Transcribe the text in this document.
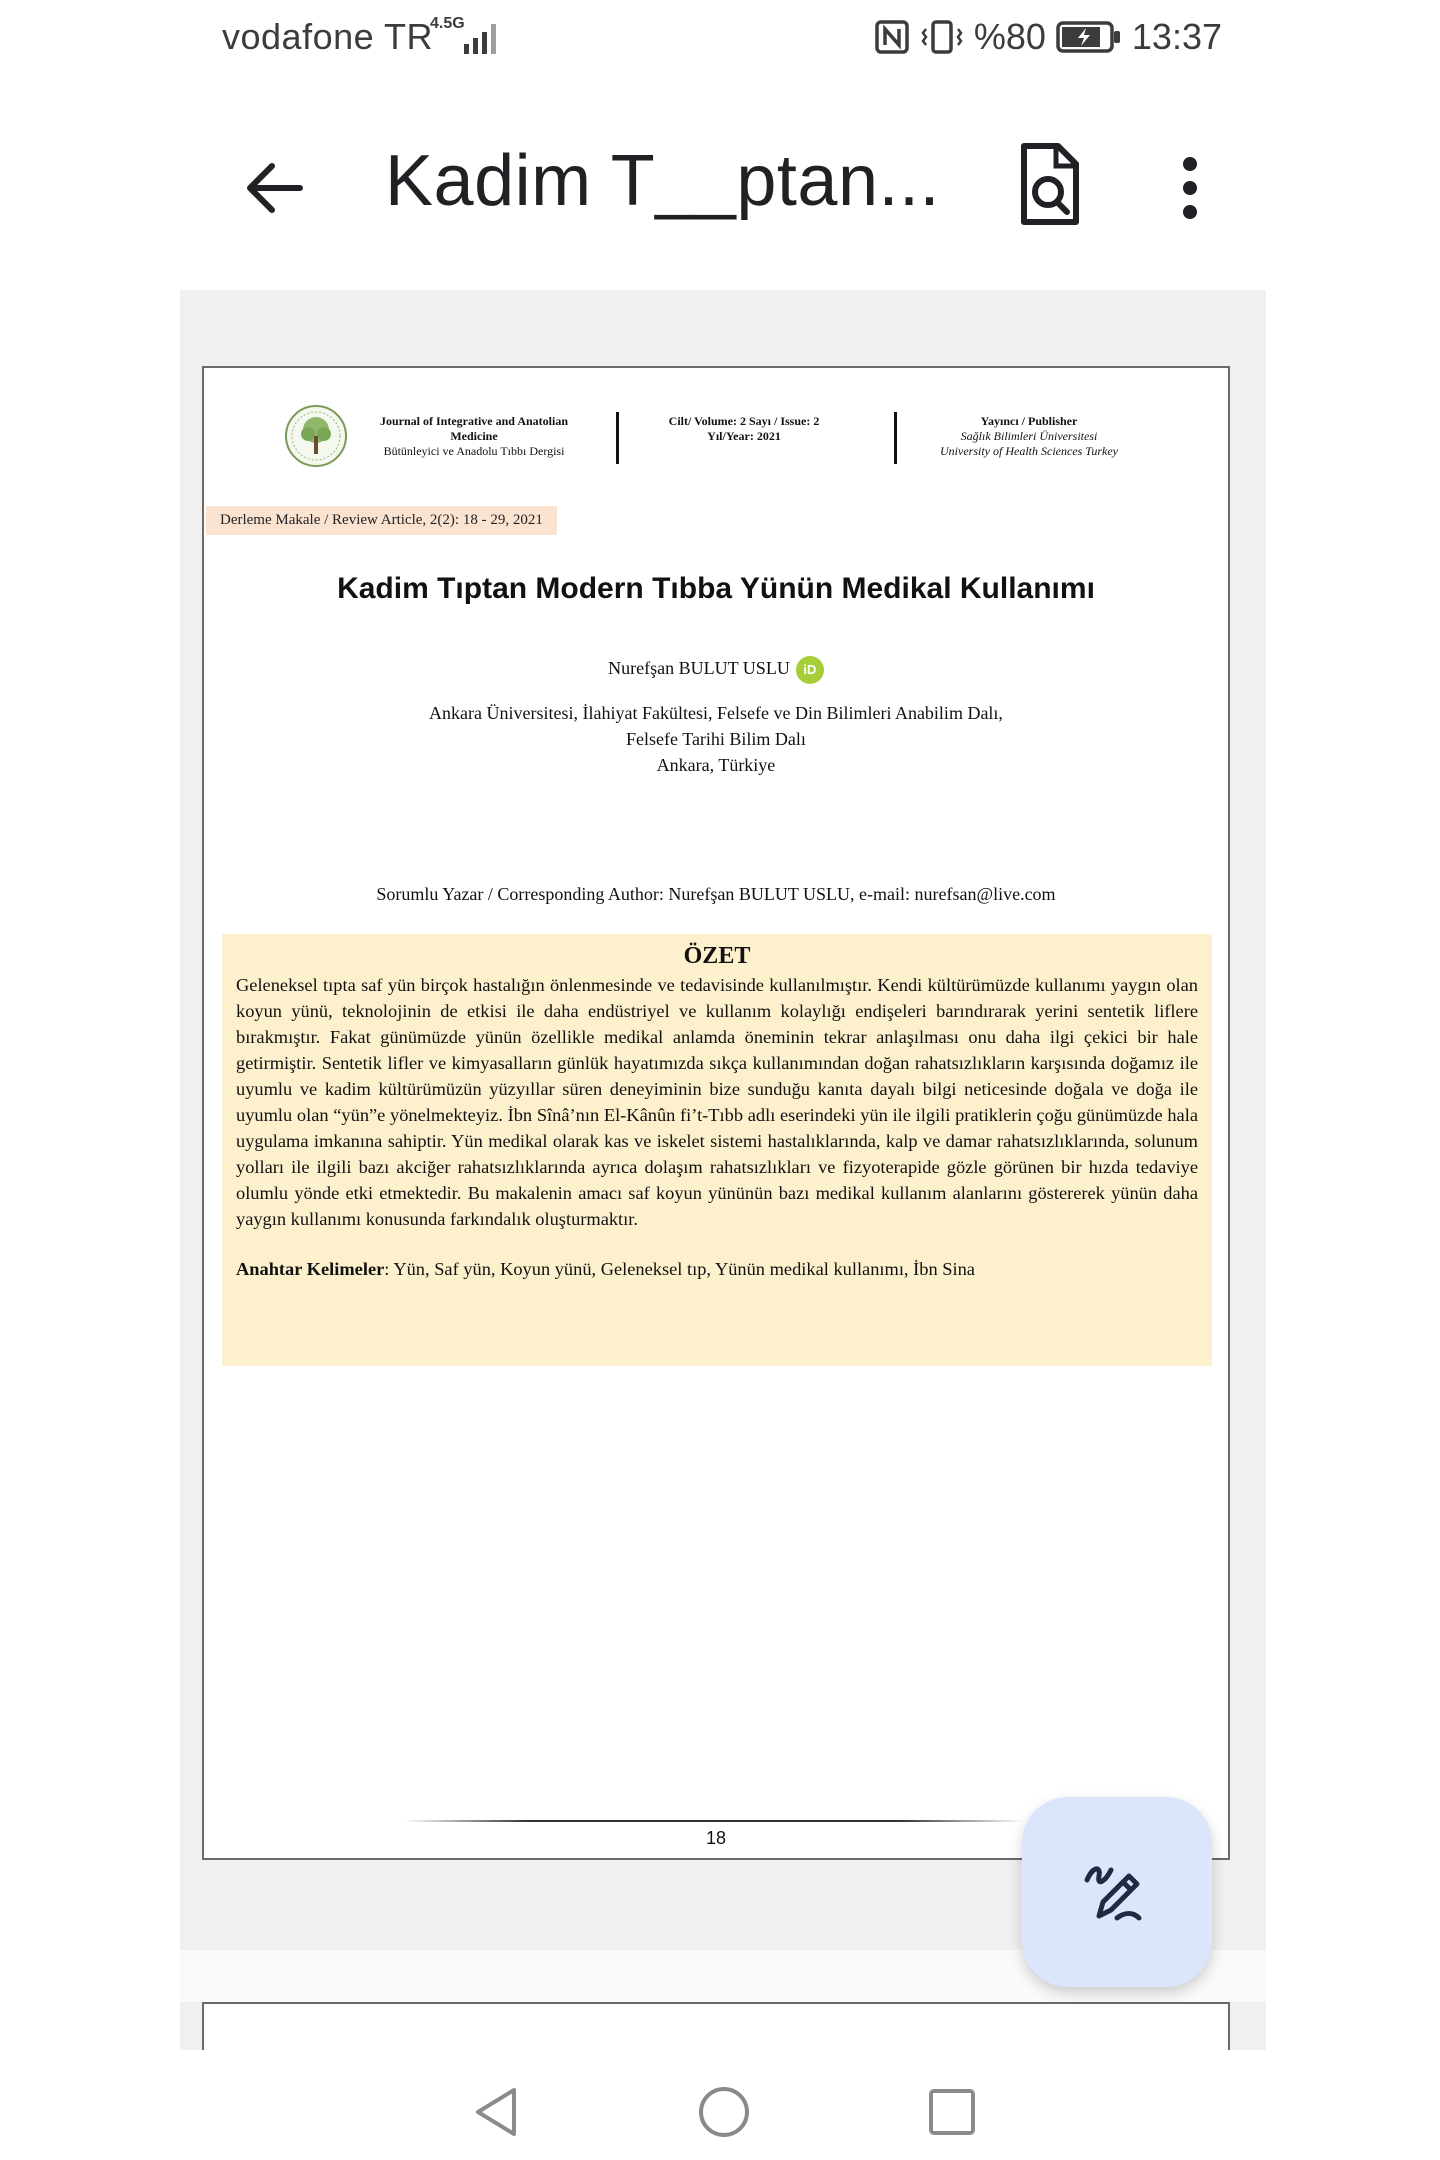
vodafone TR
4.5G	%80 13:37
Kadim T__ptan...
Journal of Integrative and Anatolian
Medicine
Bütünleyici ve Anadolu Tıbbı Dergisi
Cilt/ Volume: 2 Sayı / Issue: 2
Yıl/Year: 2021
Yayıncı / Publisher
Sağlık Bilimleri Üniversitesi
University of Health Sciences Turkey
Derleme Makale / Review Article, 2(2): 18 - 29, 2021
Kadim Tıptan Modern Tıbba Yünün Medikal Kullanımı
Nurefşan BULUT USLU iD
Ankara Üniversitesi, İlahiyat Fakültesi, Felsefe ve Din Bilimleri Anabilim Dalı,
Felsefe Tarihi Bilim Dalı
Ankara, Türkiye
Sorumlu Yazar / Corresponding Author: Nurefşan BULUT USLU, e-mail: nurefsan@live.com
ÖZET
Geleneksel tıpta saf yün birçok hastalığın önlenmesinde ve tedavisinde kullanılmıştır. Kendi kültürümüzde kullanımı yaygın olan koyun yünü, teknolojinin de etkisi ile daha endüstriyel ve kullanım kolaylığı endişeleri barındırarak yerini sentetik liflere bırakmıştır. Fakat günümüzde yünün özellikle medikal anlamda öneminin tekrar anlaşılması onu daha ilgi çekici bir hale getirmiştir. Sentetik lifler ve kimyasalların günlük hayatımızda sıkça kullanımından doğan rahatsızlıkların karşısında doğamız ile uyumlu ve kadim kültürümüzün yüzyıllar süren deneyiminin bize sunduğu kanıta dayalı bilgi neticesinde doğala ve doğa ile uyumlu olan “yün”e yönelmekteyiz. İbn Sînâ’nın El-Kânûn fi’t-Tıbb adlı eserindeki yün ile ilgili pratiklerin çoğu günümüzde hala uygulama imkanına sahiptir. Yün medikal olarak kas ve iskelet sistemi hastalıklarında, kalp ve damar rahatsızlıklarında, solunum yolları ile ilgili bazı akciğer rahatsızlıklarında ayrıca dolaşım rahatsızlıkları ve fizyoterapide gözle görünen bir hızda tedaviye olumlu yönde etki etmektedir. Bu makalenin amacı saf koyun yününün bazı medikal kullanım alanlarını göstererek yünün daha yaygın kullanımı konusunda farkındalık oluşturmaktır.
Anahtar Kelimeler: Yün, Saf yün, Koyun yünü, Geleneksel tıp, Yünün medikal kullanımı, İbn Sina
18
